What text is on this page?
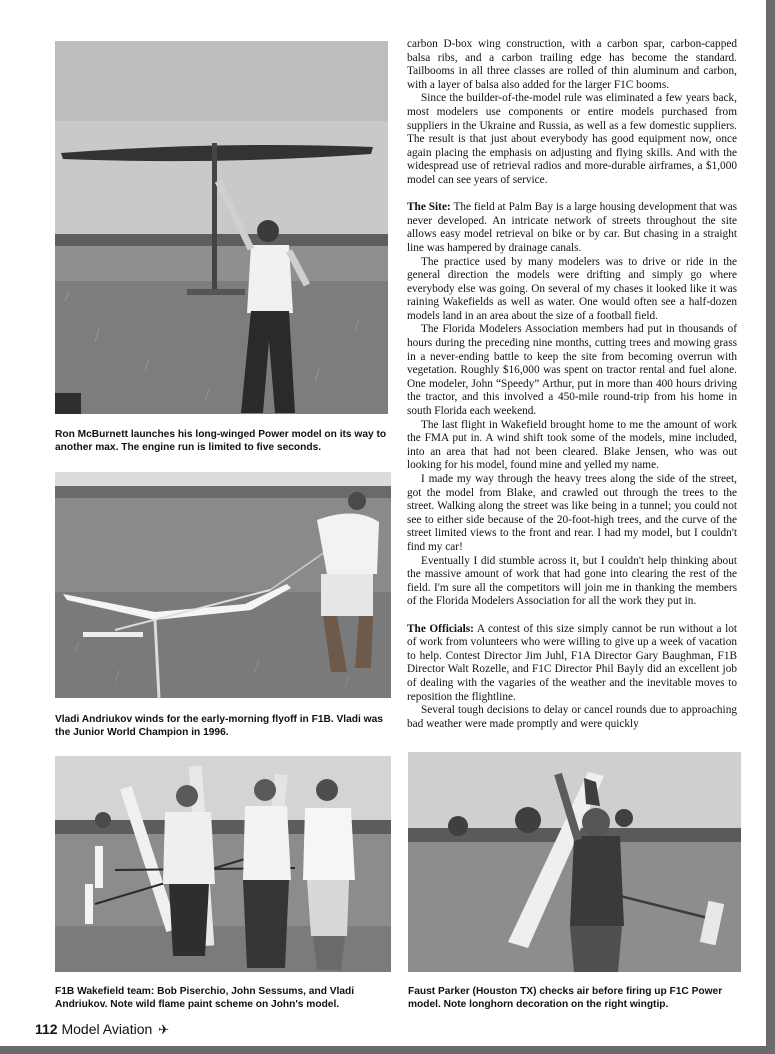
Ron McBurnett launches his long-winged Power model on its way to another max. The engine run is limited to five seconds.

Vladi Andriukov winds for the early-morning flyoff in F1B. Vladi was the Junior World Champion in 1996.

F1B Wakefield team: Bob Piserchio, John Sessums, and Vladi Andriukov. Note wild flame paint scheme on John's model.

Faust Parker (Houston TX) checks air before firing up F1C Power model. Note longhorn decoration on the right wingtip.

carbon D-box wing construction, with a carbon spar, carbon-capped balsa ribs, and a carbon trailing edge has become the standard. Tailbooms in all three classes are rolled of thin aluminum and carbon, with a layer of balsa also added for the larger F1C booms.

Since the builder-of-the-model rule was eliminated a few years back, most modelers use components or entire models purchased from suppliers in the Ukraine and Russia, as well as a few domestic suppliers. The result is that just about everybody has good equipment now, once again placing the emphasis on adjusting and flying skills. And with the widespread use of retrieval radios and more-durable airframes, a $1,000 model can see years of service.

The Site: The field at Palm Bay is a large housing development that was never developed. An intricate network of streets throughout the site allows easy model retrieval on bike or by car. But chasing in a straight line was hampered by drainage canals.

The practice used by many modelers was to drive or ride in the general direction the models were drifting and simply go where everybody else was going. On several of my chases it looked like it was raining Wakefields as well as water. One would often see a half-dozen models land in an area about the size of a football field.

The Florida Modelers Association members had put in thousands of hours during the preceding nine months, cutting trees and mowing grass in a never-ending battle to keep the site from becoming overrun with vegetation. Roughly $16,000 was spent on tractor rental and fuel alone. One modeler, John “Speedy” Arthur, put in more than 400 hours driving the tractor, and this involved a 450-mile round-trip from his home in south Florida each weekend.

The last flight in Wakefield brought home to me the amount of work the FMA put in. A wind shift took some of the models, mine included, into an area that had not been cleared. Blake Jensen, who was out looking for his model, found mine and yelled my name.

I made my way through the heavy trees along the side of the street, got the model from Blake, and crawled out through the trees to the street. Walking along the street was like being in a tunnel; you could not see to either side because of the 20-foot-high trees, and the curve of the street limited views to the front and rear. I had my model, but I couldn't find my car!

Eventually I did stumble across it, but I couldn't help thinking about the massive amount of work that had gone into clearing the rest of the field. I'm sure all the competitors will join me in thanking the members of the Florida Modelers Association for all the work they put in.

The Officials: A contest of this size simply cannot be run without a lot of work from volunteers who were willing to give up a week of vacation to help. Contest Director Jim Juhl, F1A Director Gary Baughman, F1B Director Walt Rozelle, and F1C Director Phil Bayly did an excellent job of dealing with the vagaries of the weather and the inevitable moves to reposition the flightline.

Several tough decisions to delay or cancel rounds due to approaching bad weather were made promptly and were quickly

112 Model Aviation ✈
